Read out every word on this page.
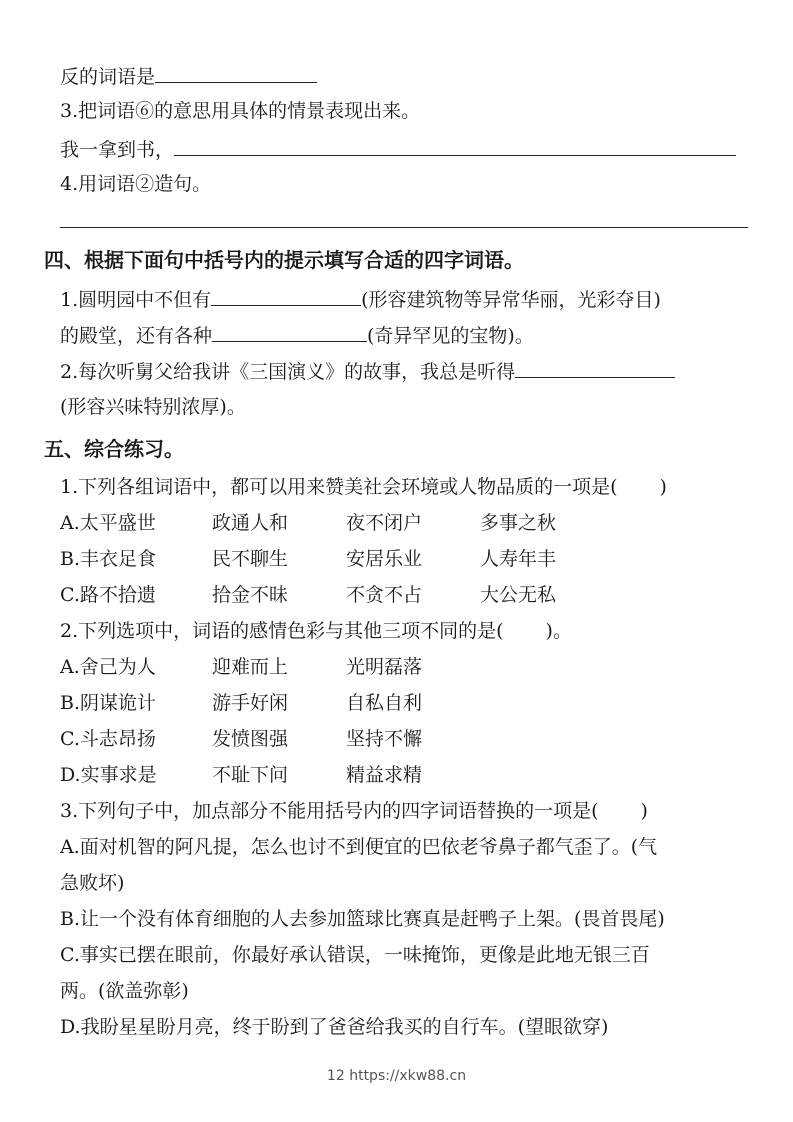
反的词语是
3.把词语⑥的意思用具体的情景表现出来。
我一拿到书，
4.用词语②造句。
四、根据下面句中括号内的提示填写合适的四字词语。
1.圆明园中不但有	(形容建筑物等异常华丽，光彩夺目)
的殿堂，还有各种	(奇异罕见的宝物)。
2.每次听舅父给我讲《三国演义》的故事，我总是听得
(形容兴味特别浓厚)。
五、综合练习。
1.下列各组词语中，都可以用来赞美社会环境或人物品质的一项是( )
A.太平盛世	政通人和	夜不闭户	多事之秋
B.丰衣足食	民不聊生	安居乐业	人寿年丰
C.路不拾遗	拾金不昧	不贪不占	大公无私
2.下列选项中，词语的感情色彩与其他三项不同的是( )。
A.舍己为人	迎难而上	光明磊落
B.阴谋诡计	游手好闲	自私自利
C.斗志昂扬	发愤图强	坚持不懈
D.实事求是	不耻下问	精益求精
3.下列句子中，加点部分不能用括号内的四字词语替换的一项是( )
A.面对机智的阿凡提，怎么也讨不到便宜的巴依老爷鼻子都气歪了。(气
急败坏)
B.让一个没有体育细胞的人去参加篮球比赛真是赶鸭子上架。(畏首畏尾)
C.事实已摆在眼前，你最好承认错误，一味掩饰，更像是此地无银三百
两。(欲盖弥彰)
D.我盼星星盼月亮，终于盼到了爸爸给我买的自行车。(望眼欲穿)
12 https://xkw88.cn
